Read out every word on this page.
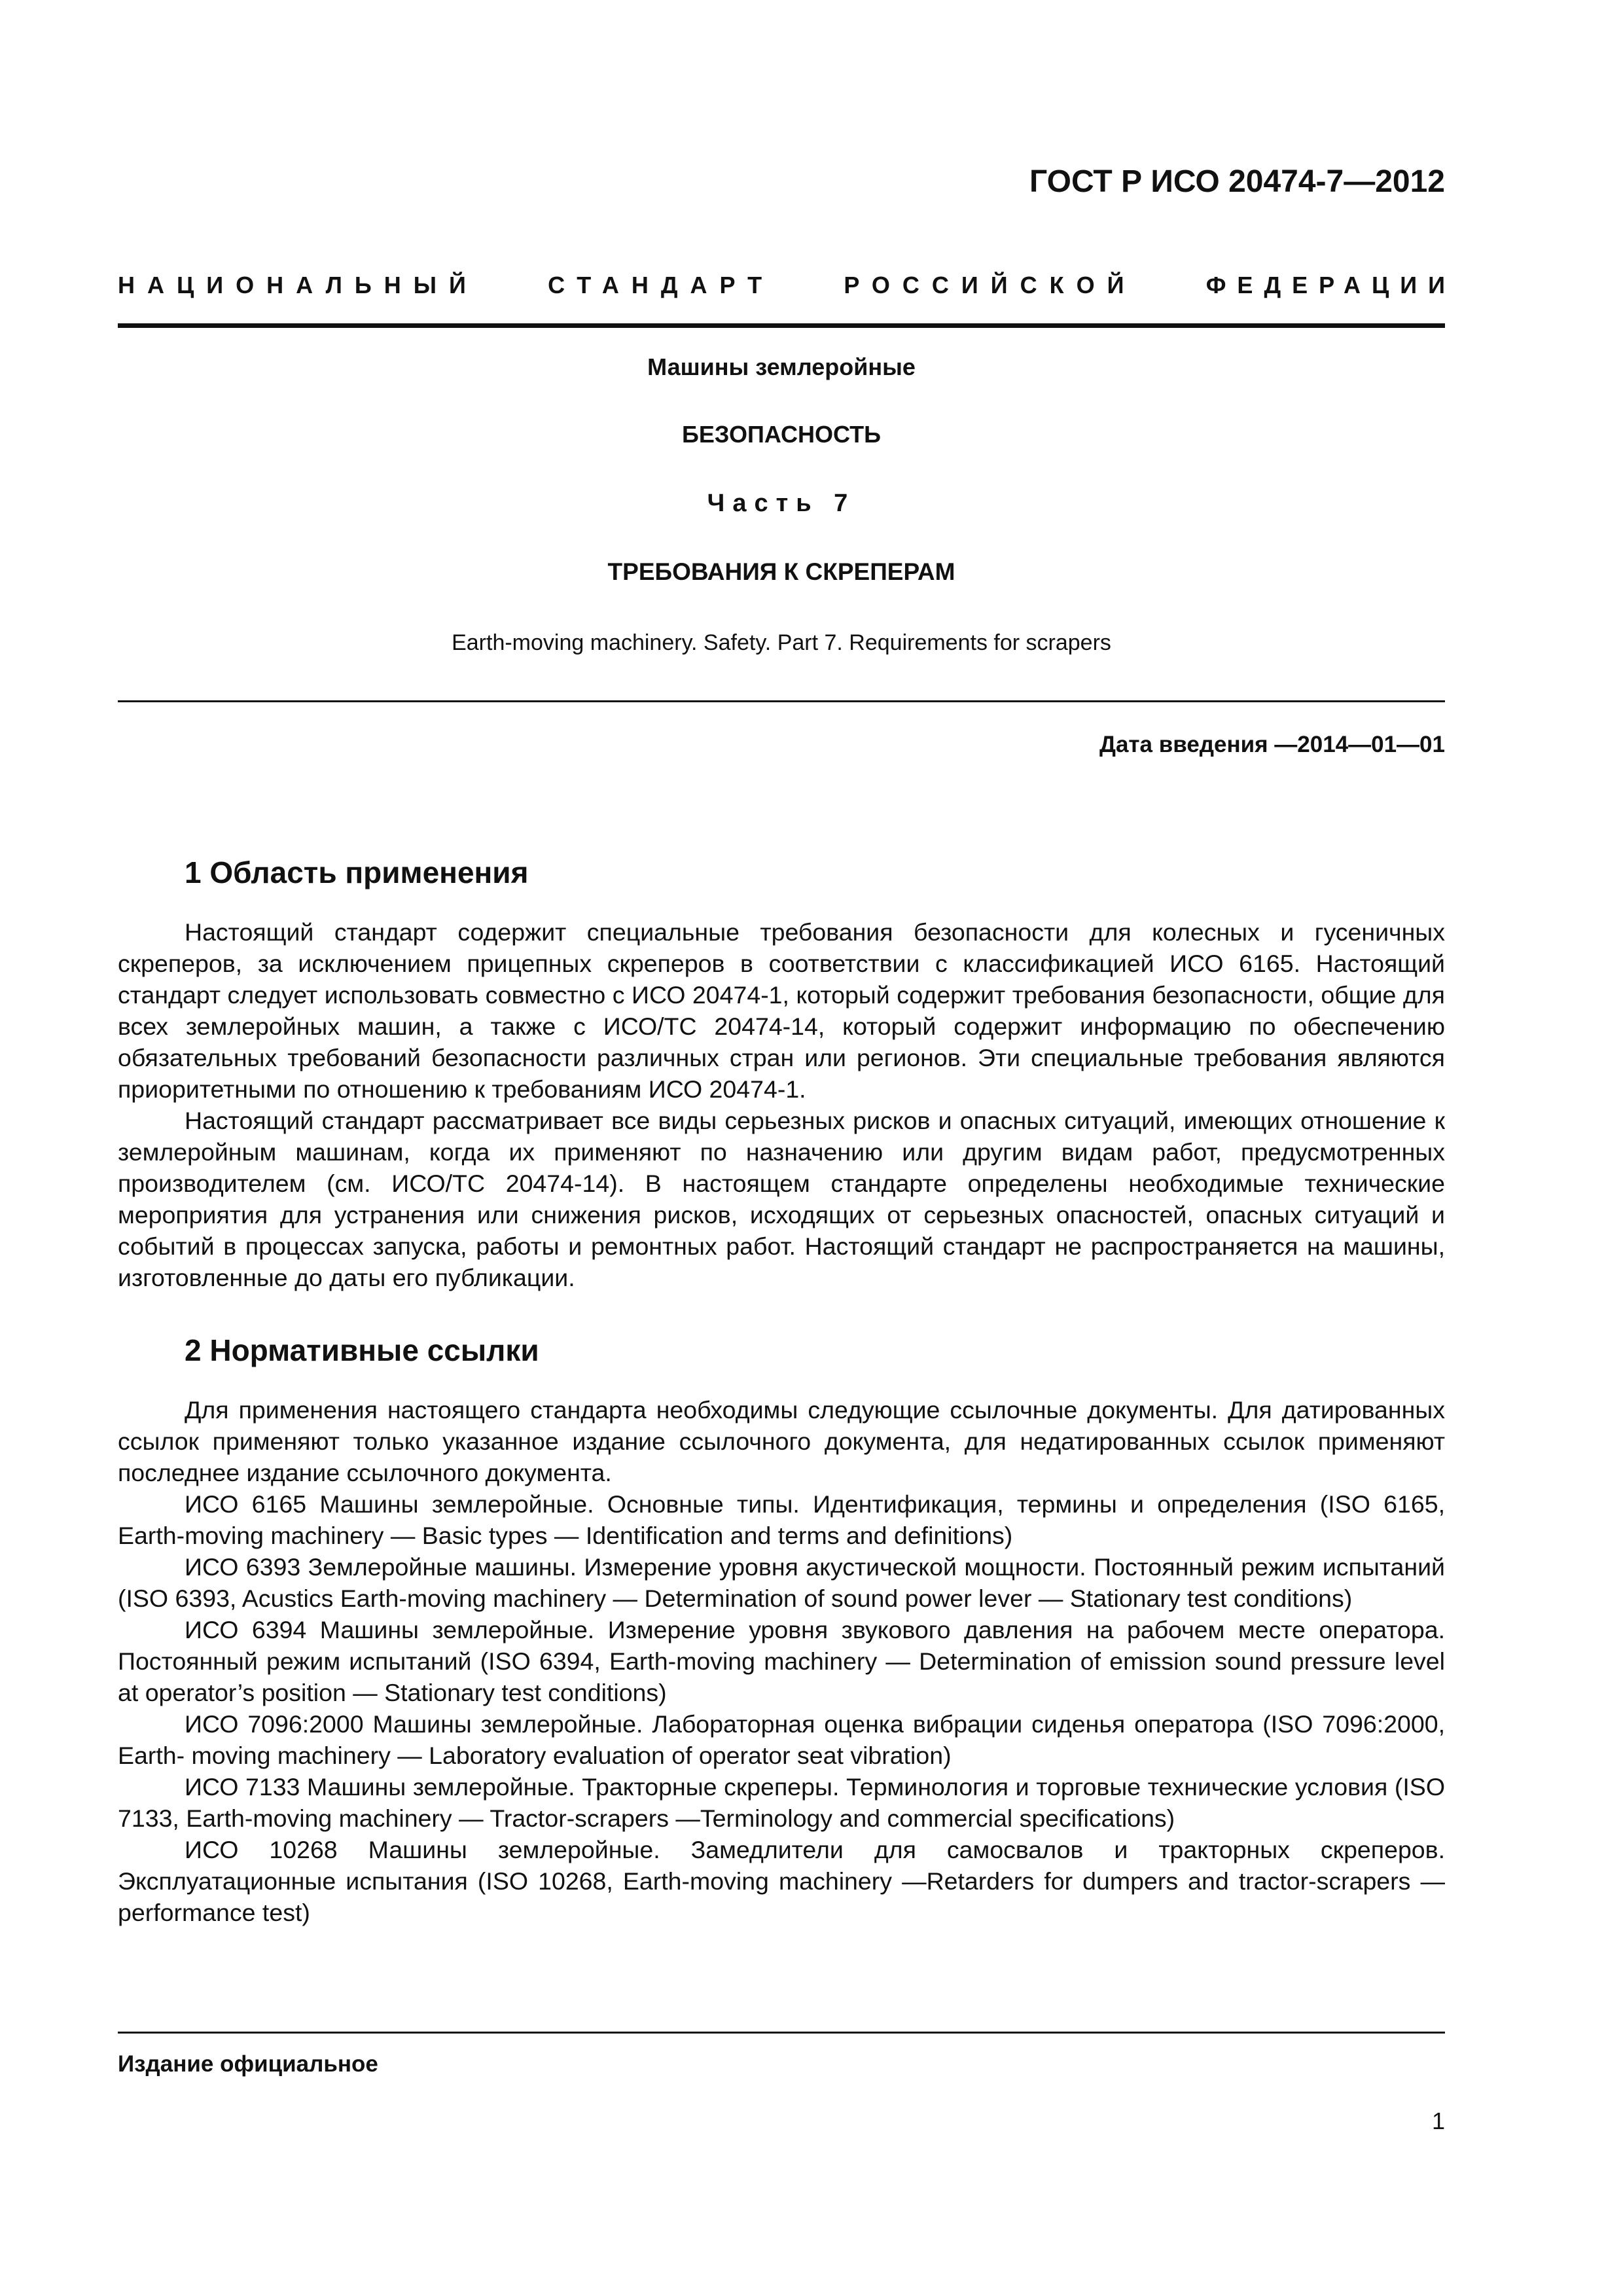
ГОСТ Р ИСО 20474-7—2012
НАЦИОНАЛЬНЫЙ	СТАНДАРТ	РОССИЙСКОЙ	ФЕДЕРАЦИИ
Машины землеройные
БЕЗОПАСНОСТЬ
Часть 7
ТРЕБОВАНИЯ К СКРЕПЕРАМ
Earth-moving machinery. Safety. Part 7. Requirements for scrapers
Дата введения —2014—01—01
1 Область применения

Настоящий стандарт содержит специальные требования безопасности для колесных и гусеничных скреперов, за исключением прицепных скреперов в соответствии с классификацией ИСО 6165. Настоящий стандарт следует использовать совместно с ИСО 20474-1, который содержит требования безопасности, общие для всех землеройных машин, а также с ИСО/ТС 20474-14, который содержит информацию по обеспечению обязательных требований безопасности различных стран или регионов. Эти специальные требования являются приоритетными по отношению к требованиям ИСО 20474-1.

Настоящий стандарт рассматривает все виды серьезных рисков и опасных ситуаций, имеющих отношение к землеройным машинам, когда их применяют по назначению или другим видам работ, предусмотренных производителем (см. ИСО/ТС 20474-14). В настоящем стандарте определены необходимые технические мероприятия для устранения или снижения рисков, исходящих от серьезных опасностей, опасных ситуаций и событий в процессах запуска, работы и ремонтных работ. Настоящий стандарт не распространяется на машины, изготовленные до даты его публикации.

2 Нормативные ссылки

Для применения настоящего стандарта необходимы следующие ссылочные документы. Для датированных ссылок применяют только указанное издание ссылочного документа, для недатированных ссылок применяют последнее издание ссылочного документа.

ИСО 6165 Машины землеройные. Основные типы. Идентификация, термины и определения (ISO 6165, Earth-moving machinery — Basic types — Identification and terms and definitions)

ИСО 6393 Землеройные машины. Измерение уровня акустической мощности. Постоянный режим испытаний (ISO 6393, Acustics Earth-moving machinery — Determination of sound power lever — Stationary test conditions)

ИСО 6394 Машины землеройные. Измерение уровня звукового давления на рабочем месте оператора. Постоянный режим испытаний (ISO 6394, Earth-moving machinery — Determination of emission sound pressure level at operator’s position — Stationary test conditions)

ИСО 7096:2000 Машины землеройные. Лабораторная оценка вибрации сиденья оператора (ISO 7096:2000, Earth- moving machinery — Laboratory evaluation of operator seat vibration)

ИСО 7133 Машины землеройные. Тракторные скреперы. Терминология и торговые технические условия (ISO 7133, Earth-moving machinery — Tractor-scrapers —Terminology and commercial specifications)

ИСО 10268 Машины землеройные. Замедлители для самосвалов и тракторных скреперов. Эксплуатационные испытания (ISO 10268, Earth-moving machinery —Retarders for dumpers and tractor-scrapers — performance test)

Издание официальное
1
